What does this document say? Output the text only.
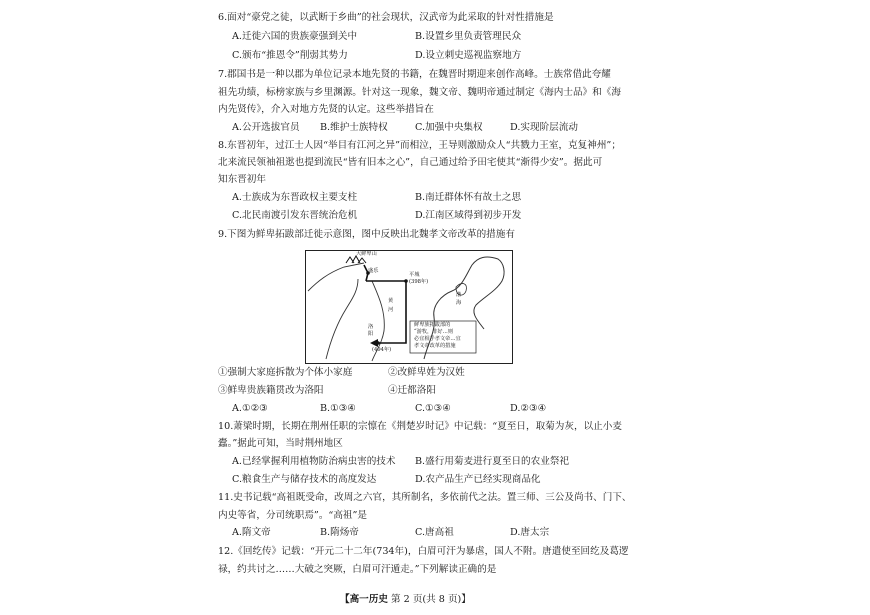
6.面对“豪党之徒，以武断于乡曲”的社会现状，汉武帝为此采取的针对性措施是
A.迁徙六国的贵族豪强到关中	B.设置乡里负责管理民众
C.颁布“推恩令”削弱其势力	D.设立刺史巡视监察地方
7.郡国书是一种以郡为单位记录本地先贤的书籍，在魏晋时期迎来创作高峰。士族常借此夸耀
祖先功绩，标榜家族与乡里渊源。针对这一现象，魏文帝、魏明帝通过制定《海内士品》和《海
内先贤传》，介入对地方先贤的认定。这些举措旨在
A.公开选拔官员 B.维护士族特权	C.加强中央集权	D.实现阶层流动
8.东晋初年，过江士人因“举目有江河之异”而相泣，王导则激励众人“共戮力王室，克复神州”；
北来流民领袖祖逖也提到流民“皆有旧本之心”，自己通过给予田宅使其“渐得少安”。据此可
知东晋初年
A.士族成为东晋政权主要支柱	B.南迁群体怀有故土之思
C.北民南渡引发东晋统治危机	D.江南区域得到初步开发
9.下图为鲜卑拓跋部迁徙示意图，图中反映出北魏孝文帝改革的措施有
大鲜卑山
盛乐
平城
(398年)
黄
河
洛
阳
(494年)
鲜卑族拓跋部的
“游牧，非好…则
必宜相乎孝文帝…宜
孝文帝改革的措施
渤
海
①强制大家庭拆散为个体小家庭	②改鲜卑姓为汉姓
③鲜卑贵族籍贯改为洛阳	④迁都洛阳
A.①②③	B.①③④	C.①③④	D.②③④
10.萧梁时期，长期在荆州任职的宗懔在《荆楚岁时记》中记载：“夏至日，取菊为灰，以止小麦
蠹。”据此可知，当时荆州地区
A.已经掌握利用植物防治病虫害的技术 B.盛行用菊麦进行夏至日的农业祭祀
C.粮食生产与储存技术的高度发达	D.农产品生产已经实现商品化
11.史书记载“高祖既受命，改周之六官，其所制名，多依前代之法。置三师、三公及尚书、门下、
内史等省，分司统职焉”。“高祖”是
A.隋文帝	B.隋炀帝	C.唐高祖	D.唐太宗
12.《回纥传》记载：“开元二十二年(734年)，白眉可汗为暴虐，国人不附。唐遣使至回纥及葛逻
禄，约共讨之……大破之突厥，白眉可汗遁走。”下列解读正确的是
【高一历史 第 2 页(共 8 页)】
